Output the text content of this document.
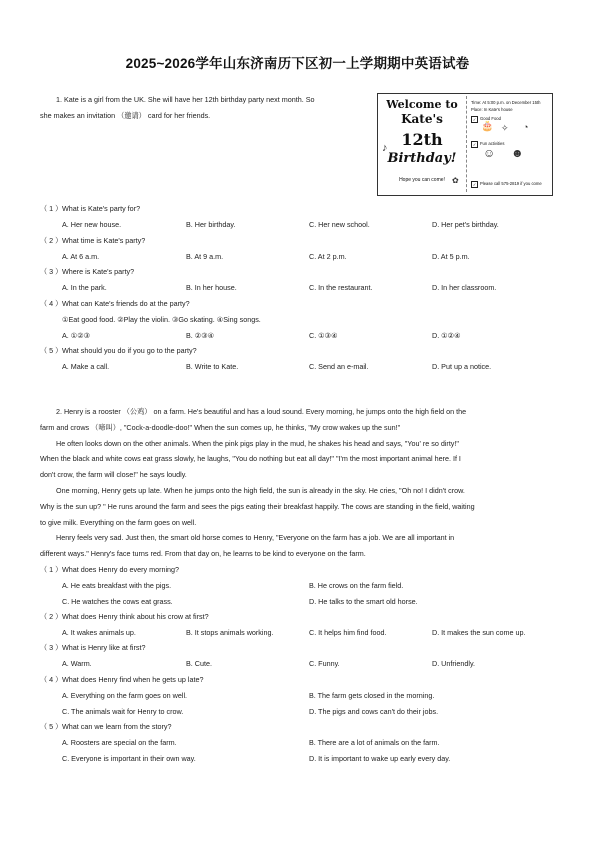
2025~2026学年山东济南历下区初一上学期期中英语试卷
1. Kate is a girl from the UK. She will have her 12th birthday party next month. So
she makes an invitation （邀请） card for her friends.
Welcome to
Kate's
12th
Birthday!
Hope you can come!
♪
✿
Time: At 5:00 p.m. on December 15th
Place: In Kate's house
✓ Good Food
🎂 ✧ ◔
✓ Fun activities
☺ ☻
✓ Please call 575-2819 if you come
（ 1 ）What is Kate's party for?
A. Her new house.	B. Her birthday.	C. Her new school.	D. Her pet's birthday.
（ 2 ）What time is Kate's party?
A. At 6 a.m.	B. At 9 a.m.	C. At 2 p.m.	D. At 5 p.m.
（ 3 ）Where is Kate's party?
A. In the park.	B. In her house.	C. In the restaurant.	D. In her classroom.
（ 4 ）What can Kate's friends do at the party?
①Eat good food. ②Play the violin. ③Go skating. ④Sing songs.
A. ①②③	B. ②③④	C. ①③④	D. ①②④
（ 5 ）What should you do if you go to the party?
A. Make a call.	B. Write to Kate.	C. Send an e-mail.	D. Put up a notice.
2. Henry is a rooster （公鸡） on a farm. He's beautiful and has a loud sound. Every morning, he jumps onto the high field on the
farm and crows （啼叫）, "Cock-a-doodle-doo!" When the sun comes up, he thinks, "My crow wakes up the sun!"
He often looks down on the other animals. When the pink pigs play in the mud, he shakes his head and says, "You' re so dirty!"
When the black and white cows eat grass slowly, he laughs, "You do nothing but eat all day!" "I'm the most important animal here. If I
don't crow, the farm will close!" he says loudly.
One morning, Henry gets up late. When he jumps onto the high field, the sun is already in the sky. He cries, "Oh no! I didn't crow.
Why is the sun up? " He runs around the farm and sees the pigs eating their breakfast happily. The cows are standing in the field, waiting
to give milk. Everything on the farm goes on well.
Henry feels very sad. Just then, the smart old horse comes to Henry, "Everyone on the farm has a job. We are all important in
different ways." Henry's face turns red. From that day on, he learns to be kind to everyone on the farm.
（ 1 ）What does Henry do every morning?
A. He eats breakfast with the pigs.	B. He crows on the farm field.
C. He watches the cows eat grass.	D. He talks to the smart old horse.
（ 2 ）What does Henry think about his crow at first?
A. It wakes animals up.	B. It stops animals working.	C. It helps him find food.	D. It makes the sun come up.
（ 3 ）What is Henry like at first?
A. Warm.	B. Cute.	C. Funny.	D. Unfriendly.
（ 4 ）What does Henry find when he gets up late?
A. Everything on the farm goes on well.	B. The farm gets closed in the morning.
C. The animals wait for Henry to crow.	D. The pigs and cows can't do their jobs.
（ 5 ）What can we learn from the story?
A. Roosters are special on the farm.	B. There are a lot of animals on the farm.
C. Everyone is important in their own way.	D. It is important to wake up early every day.
